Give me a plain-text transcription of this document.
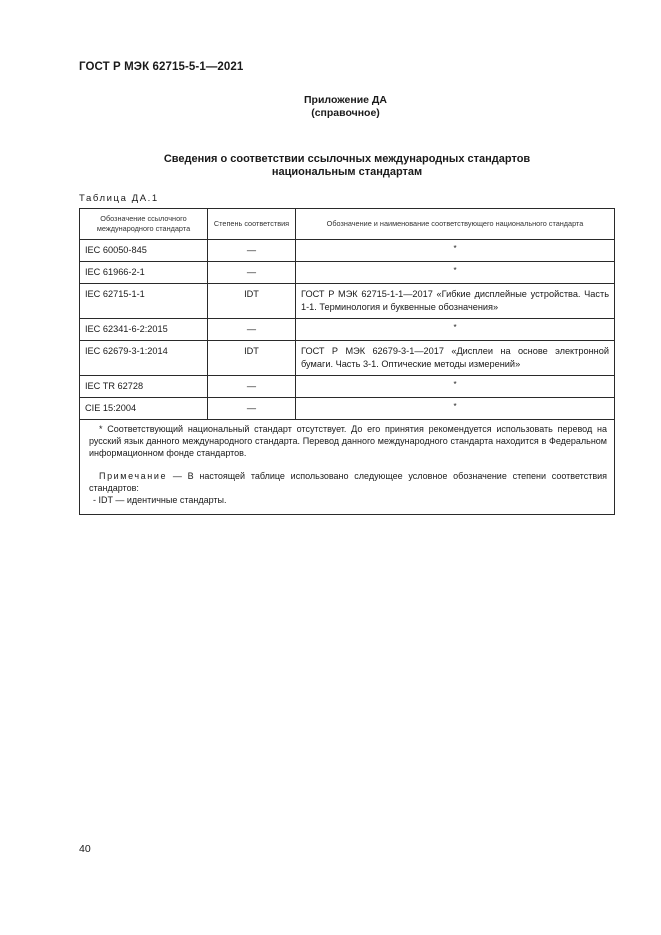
ГОСТ Р МЭК 62715-5-1—2021
Приложение ДА
(справочное)
Сведения о соответствии ссылочных международных стандартов
национальным стандартам
Таблица ДА.1
Обозначение ссылочного международного стандарта	Степень соответствия	Обозначение и наименование соответствующего национального стандарта
IEC 60050-845	—	*
IEC 61966-2-1	—	*
IEC 62715-1-1	IDT	ГОСТ Р МЭК 62715-1-1—2017 «Гибкие дисплейные устройства. Часть 1-1. Терминология и буквенные обозначения»
IEC 62341-6-2:2015	—	*
IEC 62679-3-1:2014	IDT	ГОСТ Р МЭК 62679-3-1—2017 «Дисплеи на основе электронной бумаги. Часть 3-1. Оптические методы измерений»
IEC TR 62728	—	*
CIE 15:2004	—	*

* Соответствующий национальный стандарт отсутствует. До его принятия рекомендуется использовать перевод на русский язык данного международного стандарта. Перевод данного международного стандарта находится в Федеральном информационном фонде стандартов.

Примечание — В настоящей таблице использовано следующее условное обозначение степени соответствия стандартов:

- IDT — идентичные стандарты.		

40
